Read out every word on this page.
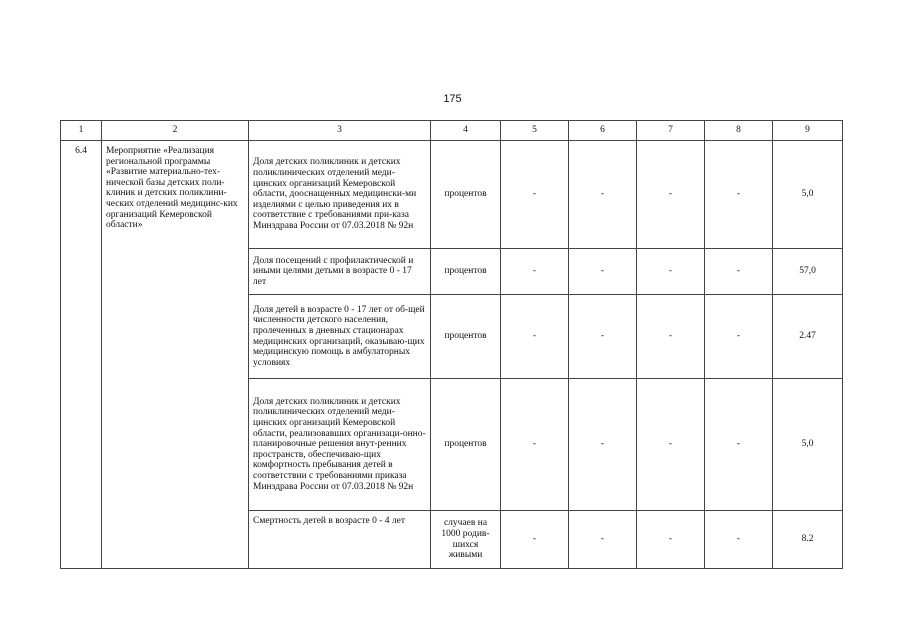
175
1	2	3	4	5	6	7	8	9
6.4	Мероприятие «Реализация региональной программы «Развитие материально-тех-нической базы детских поли-клиник и детских поликлини-ческих отделений медицинс-ких организаций Кемеровской области»	Доля детских поликлиник и детских поликлинических отделений меди-цинских организаций Кемеровской области, дооснащенных медицински-ми изделиями с целью приведения их в соответствие с требованиями при-каза Минздрава России от 07.03.2018 № 92н	процентов	-	-	-	-	5,0
		Доля посещений с профилактической и иными целями детьми в возрасте 0 - 17 лет	процентов	-	-	-	-	57,0
		Доля детей в возрасте 0 - 17 лет от об-щей численности детского населения, пролеченных в дневных стационарах медицинских организаций, оказываю-щих медицинскую помощь в амбулаторных условиях	процентов	-	-	-	-	2.47
		Доля детских поликлиник и детских поликлинических отделений меди-цинских организаций Кемеровской области, реализовавших организаци-онно-планировочные решения внут-ренних пространств, обеспечиваю-щих комфортность пребывания детей в соответствии с требованиями приказа Минздрава России от 07.03.2018 № 92н	процентов	-	-	-	-	5,0
		Смертность детей в возрасте 0 - 4 лет	случаев на 1000 родив-шихся живыми	-	-	-	-	8.2
